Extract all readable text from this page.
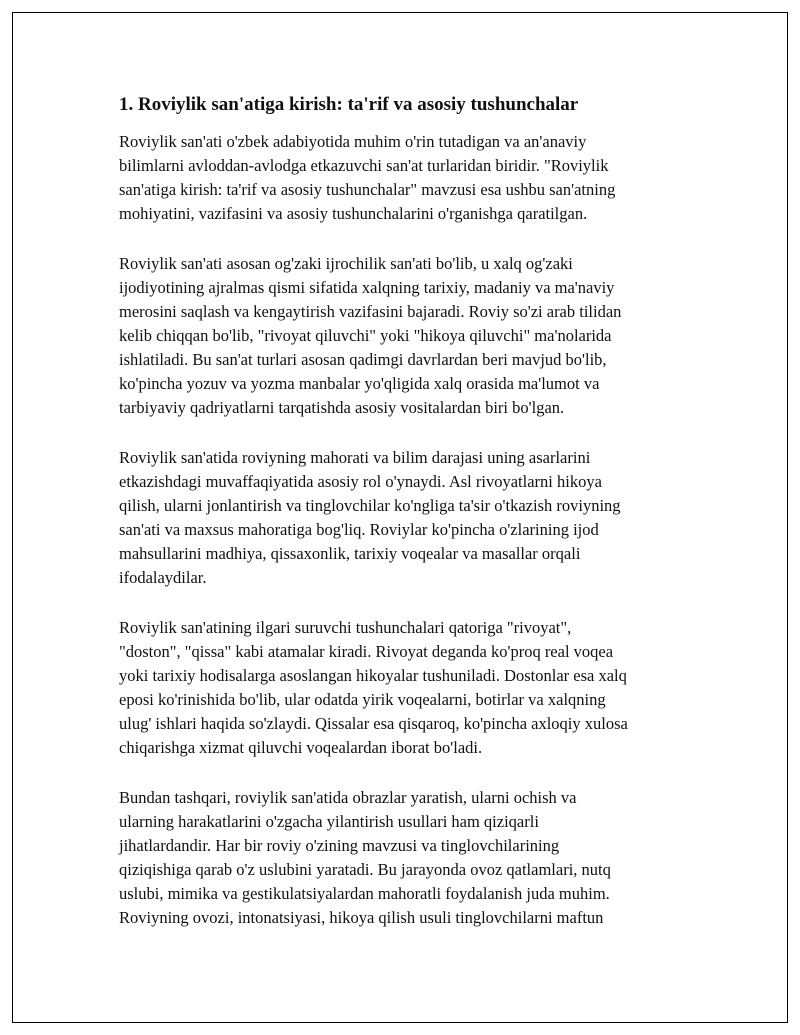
1. Roviylik san'atiga kirish: ta'rif va asosiy tushunchalar
Roviylik san'ati o'zbek adabiyotida muhim o'rin tutadigan va an'anaviy
bilimlarni avloddan-avlodga etkazuvchi san'at turlaridan biridir. "Roviylik
san'atiga kirish: ta'rif va asosiy tushunchalar" mavzusi esa ushbu san'atning
mohiyatini, vazifasini va asosiy tushunchalarini o'rganishga qaratilgan.
Roviylik san'ati asosan og'zaki ijrochilik san'ati bo'lib, u xalq og'zaki
ijodiyotining ajralmas qismi sifatida xalqning tarixiy, madaniy va ma'naviy
merosini saqlash va kengaytirish vazifasini bajaradi. Roviy so'zi arab tilidan
kelib chiqqan bo'lib, "rivoyat qiluvchi" yoki "hikoya qiluvchi" ma'nolarida
ishlatiladi. Bu san'at turlari asosan qadimgi davrlardan beri mavjud bo'lib,
ko'pincha yozuv va yozma manbalar yo'qligida xalq orasida ma'lumot va
tarbiyaviy qadriyatlarni tarqatishda asosiy vositalardan biri bo'lgan.
Roviylik san'atida roviyning mahorati va bilim darajasi uning asarlarini
etkazishdagi muvaffaqiyatida asosiy rol o'ynaydi. Asl rivoyatlarni hikoya
qilish, ularni jonlantirish va tinglovchilar ko'ngliga ta'sir o'tkazish roviyning
san'ati va maxsus mahoratiga bog'liq. Roviylar ko'pincha o'zlarining ijod
mahsullarini madhiya, qissaxonlik, tarixiy voqealar va masallar orqali
ifodalaydilar.
Roviylik san'atining ilgari suruvchi tushunchalari qatoriga "rivoyat",
"doston", "qissa" kabi atamalar kiradi. Rivoyat deganda ko'proq real voqea
yoki tarixiy hodisalarga asoslangan hikoyalar tushuniladi. Dostonlar esa xalq
eposi ko'rinishida bo'lib, ular odatda yirik voqealarni, botirlar va xalqning
ulug' ishlari haqida so'zlaydi. Qissalar esa qisqaroq, ko'pincha axloqiy xulosa
chiqarishga xizmat qiluvchi voqealardan iborat bo'ladi.
Bundan tashqari, roviylik san'atida obrazlar yaratish, ularni ochish va
ularning harakatlarini o'zgacha yilantirish usullari ham qiziqarli
jihatlardandir. Har bir roviy o'zining mavzusi va tinglovchilarining
qiziqishiga qarab o'z uslubini yaratadi. Bu jarayonda ovoz qatlamlari, nutq
uslubi, mimika va gestikulatsiyalardan mahoratli foydalanish juda muhim.
Roviyning ovozi, intonatsiyasi, hikoya qilish usuli tinglovchilarni maftun
